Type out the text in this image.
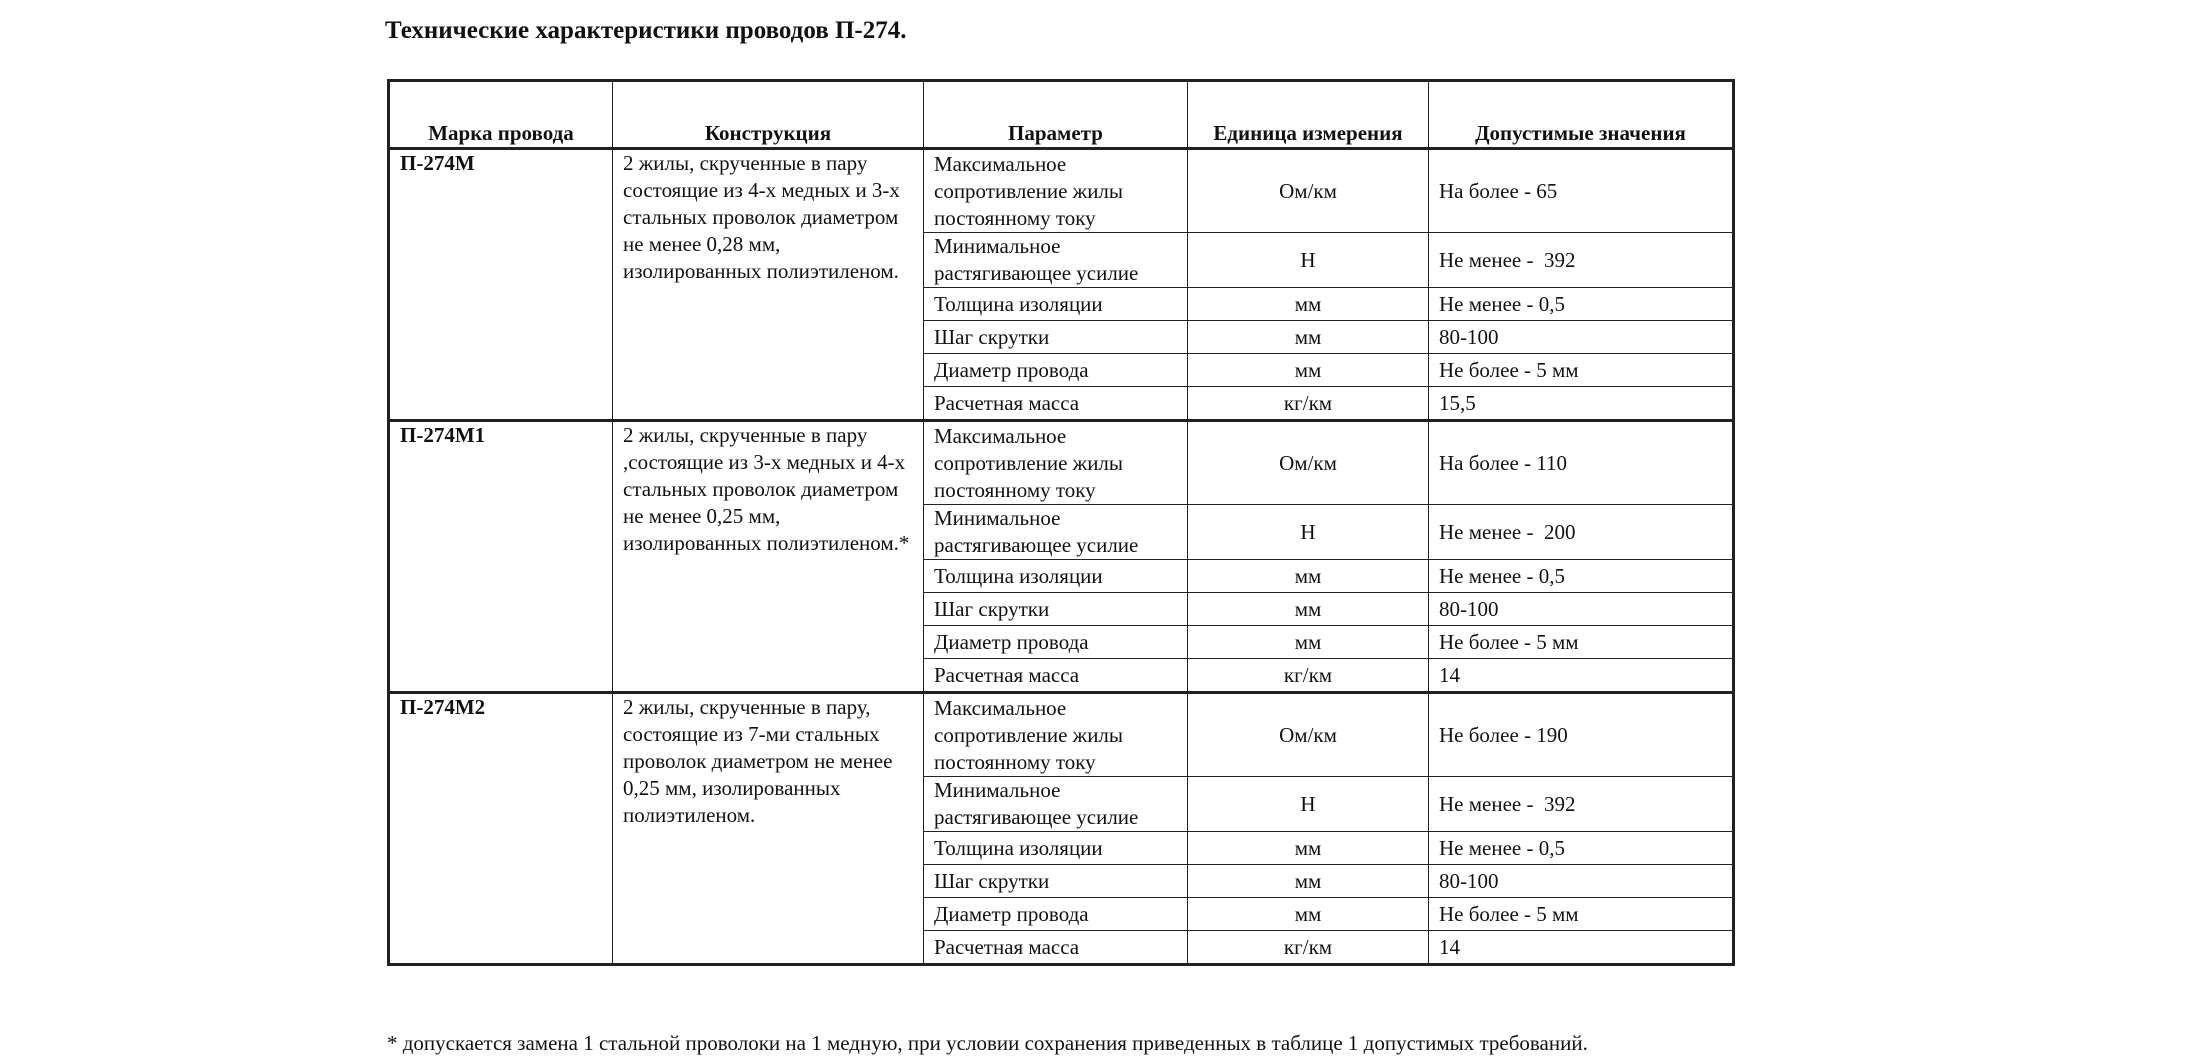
Технические характеристики проводов П-274.
Марка провода	Конструкция	Параметр	Единица измерения	Допустимые значения
П-274М	2 жилы, скрученные в пару состоящие из 4-х медных и 3-х стальных проволок диаметром не менее 0,28 мм, изолированных полиэтиленом.	Максимальное сопротивление жилы постоянному току	Ом/км	На более - 65
		Минимальное растягивающее усилие	Н	Не менее -  392
		Толщина изоляции	мм	Не менее - 0,5
		Шаг скрутки	мм	80-100
		Диаметр провода	мм	Не более - 5 мм
		Расчетная масса	кг/км	15,5
П-274М1	2 жилы, скрученные в пару ,состоящие из 3-х медных и 4-х стальных проволок диаметром не менее 0,25 мм, изолированных полиэтиленом.*	Максимальное сопротивление жилы постоянному току	Ом/км	На более - 110
		Минимальное растягивающее усилие	Н	Не менее -  200
		Толщина изоляции	мм	Не менее - 0,5
		Шаг скрутки	мм	80-100
		Диаметр провода	мм	Не более - 5 мм
		Расчетная масса	кг/км	14
П-274М2	2 жилы, скрученные в пару, состоящие из 7-ми стальных проволок диаметром не менее 0,25 мм, изолированных полиэтиленом.	Максимальное сопротивление жилы постоянному току	Ом/км	Не более - 190
		Минимальное растягивающее усилие	Н	Не менее -  392
		Толщина изоляции	мм	Не менее - 0,5
		Шаг скрутки	мм	80-100
		Диаметр провода	мм	Не более - 5 мм
		Расчетная масса	кг/км	14
* допускается замена 1 стальной проволоки на 1 медную, при условии сохранения приведенных в таблице 1 допустимых требований.
